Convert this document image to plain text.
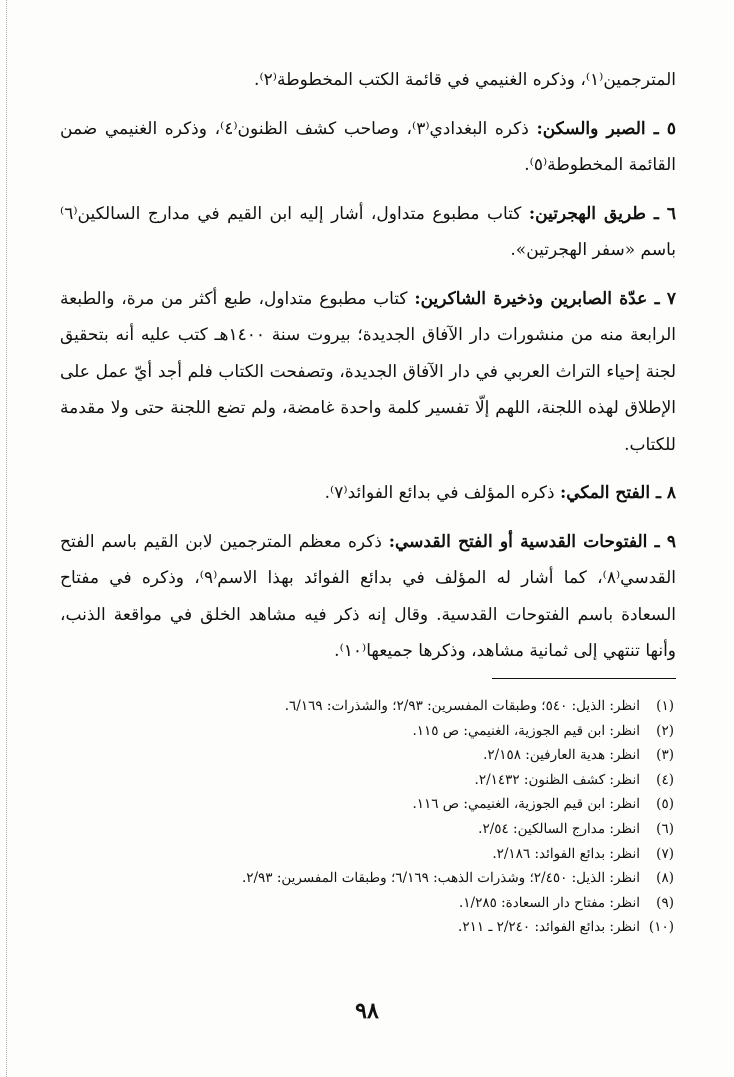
المترجمين⁽١⁾، وذكره الغنيمي في قائمة الكتب المخطوطة⁽٢⁾.

٥ ـ الصبر والسكن: ذكره البغدادي⁽٣⁾، وصاحب كشف الظنون⁽٤⁾، وذكره الغنيمي ضمن القائمة المخطوطة⁽٥⁾.

٦ ـ طريق الهجرتين: كتاب مطبوع متداول، أشار إليه ابن القيم في مدارج السالكين⁽٦⁾ باسم «سفر الهجرتين».

٧ ـ عدّة الصابرين وذخيرة الشاكرين: كتاب مطبوع متداول، طبع أكثر من مرة، والطبعة الرابعة منه من منشورات دار الآفاق الجديدة؛ بيروت سنة ١٤٠٠هـ كتب عليه أنه بتحقيق لجنة إحياء التراث العربي في دار الآفاق الجديدة، وتصفحت الكتاب فلم أجد أيّ عمل على الإطلاق لهذه اللجنة، اللهم إلّا تفسير كلمة واحدة غامضة، ولم تضع اللجنة حتى ولا مقدمة للكتاب.

٨ ـ الفتح المكي: ذكره المؤلف في بدائع الفوائد⁽٧⁾.

٩ ـ الفتوحات القدسية أو الفتح القدسي: ذكره معظم المترجمين لابن القيم باسم الفتح القدسي⁽٨⁾، كما أشار له المؤلف في بدائع الفوائد بهذا الاسم⁽٩⁾، وذكره في مفتاح السعادة باسم الفتوحات القدسية. وقال إنه ذكر فيه مشاهد الخلق في مواقعة الذنب، وأنها تنتهي إلى ثمانية مشاهد، وذكرها جميعها⁽١٠⁾.

(١)
انظر: الذيل: ٥٤٠؛ وطبقات المفسرين: ٢/٩٣؛ والشذرات: ٦/١٦٩.
(٢)
انظر: ابن قيم الجوزية، الغنيمي: ص ١١٥.
(٣)
انظر: هدية العارفين: ٢/١٥٨.
(٤)
انظر: كشف الظنون: ٢/١٤٣٢.
(٥)
انظر: ابن قيم الجوزية، الغنيمي: ص ١١٦.
(٦)
انظر: مدارج السالكين: ٢/٥٤.
(٧)
انظر: بدائع الفوائد: ٢/١٨٦.
(٨)
انظر: الذيل: ٢/٤٥٠؛ وشذرات الذهب: ٦/١٦٩؛ وطبقات المفسرين: ٢/٩٣.
(٩)
انظر: مفتاح دار السعادة: ١/٢٨٥.
(١٠)
انظر: بدائع الفوائد: ٢/٢٤٠ ـ ٢١١.
٩٨
